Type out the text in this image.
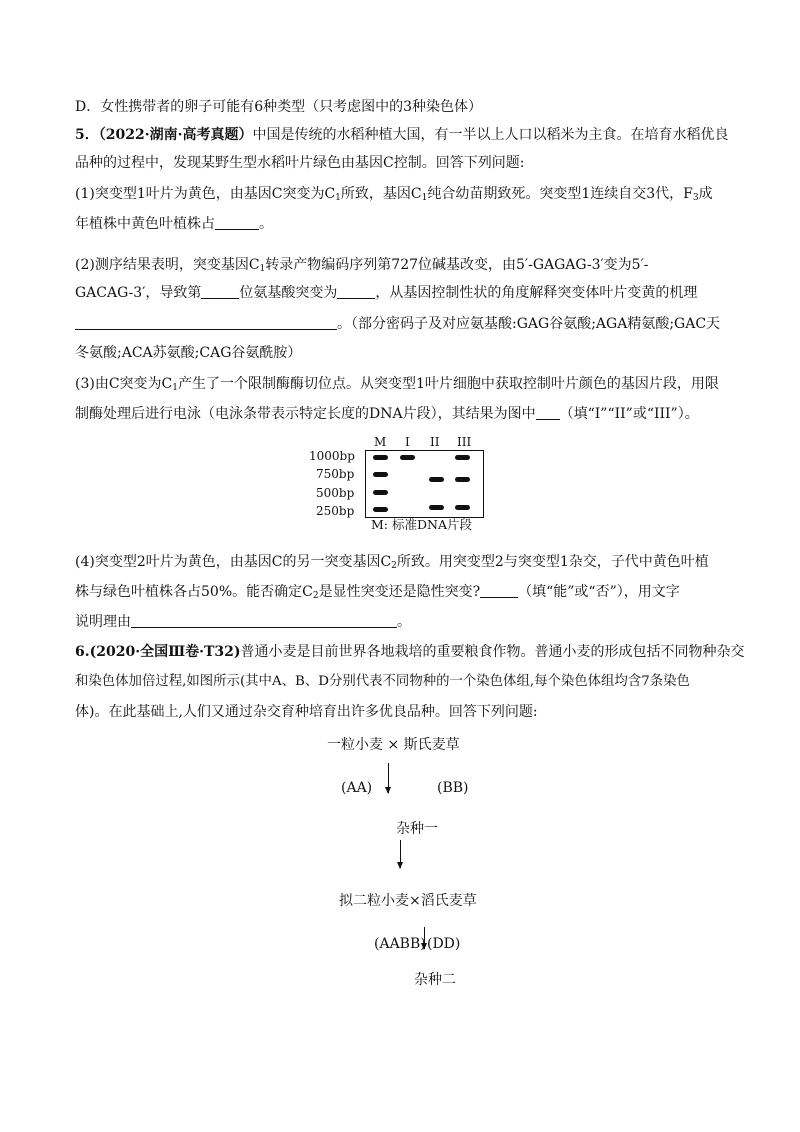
D．女性携带者的卵子可能有6种类型（只考虑图中的3种染色体）
5．（2022·湖南·高考真题）中国是传统的水稻种植大国，有一半以上人口以稻米为主食。在培育水稻优良
品种的过程中，发现某野生型水稻叶片绿色由基因C控制。回答下列问题:
(1)突变型1叶片为黄色，由基因C突变为$C_1$所致，基因$C_1$纯合幼苗期致死。突变型1连续自交3代，$F_3$成
年植株中黄色叶植株占	。
(2)测序结果表明，突变基因$C_1$转录产物编码序列第727位碱基改变，由5′-GAGAG-3′变为5′-
GACAG-3′，导致第	位氨基酸突变为	，从基因控制性状的角度解释突变体叶片变黄的机理
。（部分密码子及对应氨基酸:GAG谷氨酸;AGA精氨酸;GAC天
冬氨酸;ACA苏氨酸;CAG谷氨酰胺）
(3)由C突变为$C_1$产生了一个限制酶酶切位点。从突变型1叶片细胞中获取控制叶片颜色的基因片段，用限
制酶处理后进行电泳（电泳条带表示特定长度的DNA片段），其结果为图中 （填“I”“II”或“III”）。
M I II III
1000bp
750bp
500bp
250bp
M: 标准DNA片段
(4)突变型2叶片为黄色，由基因C的另一突变基因$C_2$所致。用突变型2与突变型1杂交，子代中黄色叶植
株与绿色叶植株各占50%。能否确定$C_2$是显性突变还是隐性突变?	（填“能”或“否”），用文字
说明理由	。
6.(2020·全国Ⅲ卷·T32)普通小麦是目前世界各地栽培的重要粮食作物。普通小麦的形成包括不同物种杂交
和染色体加倍过程,如图所示(其中A、B、D分别代表不同物种的一个染色体组,每个染色体组均含7条染色
体)。在此基础上,人们又通过杂交育种培育出许多优良品种。回答下列问题:
一粒小麦 × 斯氏麦草
(AA)	(BB)
杂种一
拟二粒小麦×滔氏麦草
(AABB) (DD)
杂种二
